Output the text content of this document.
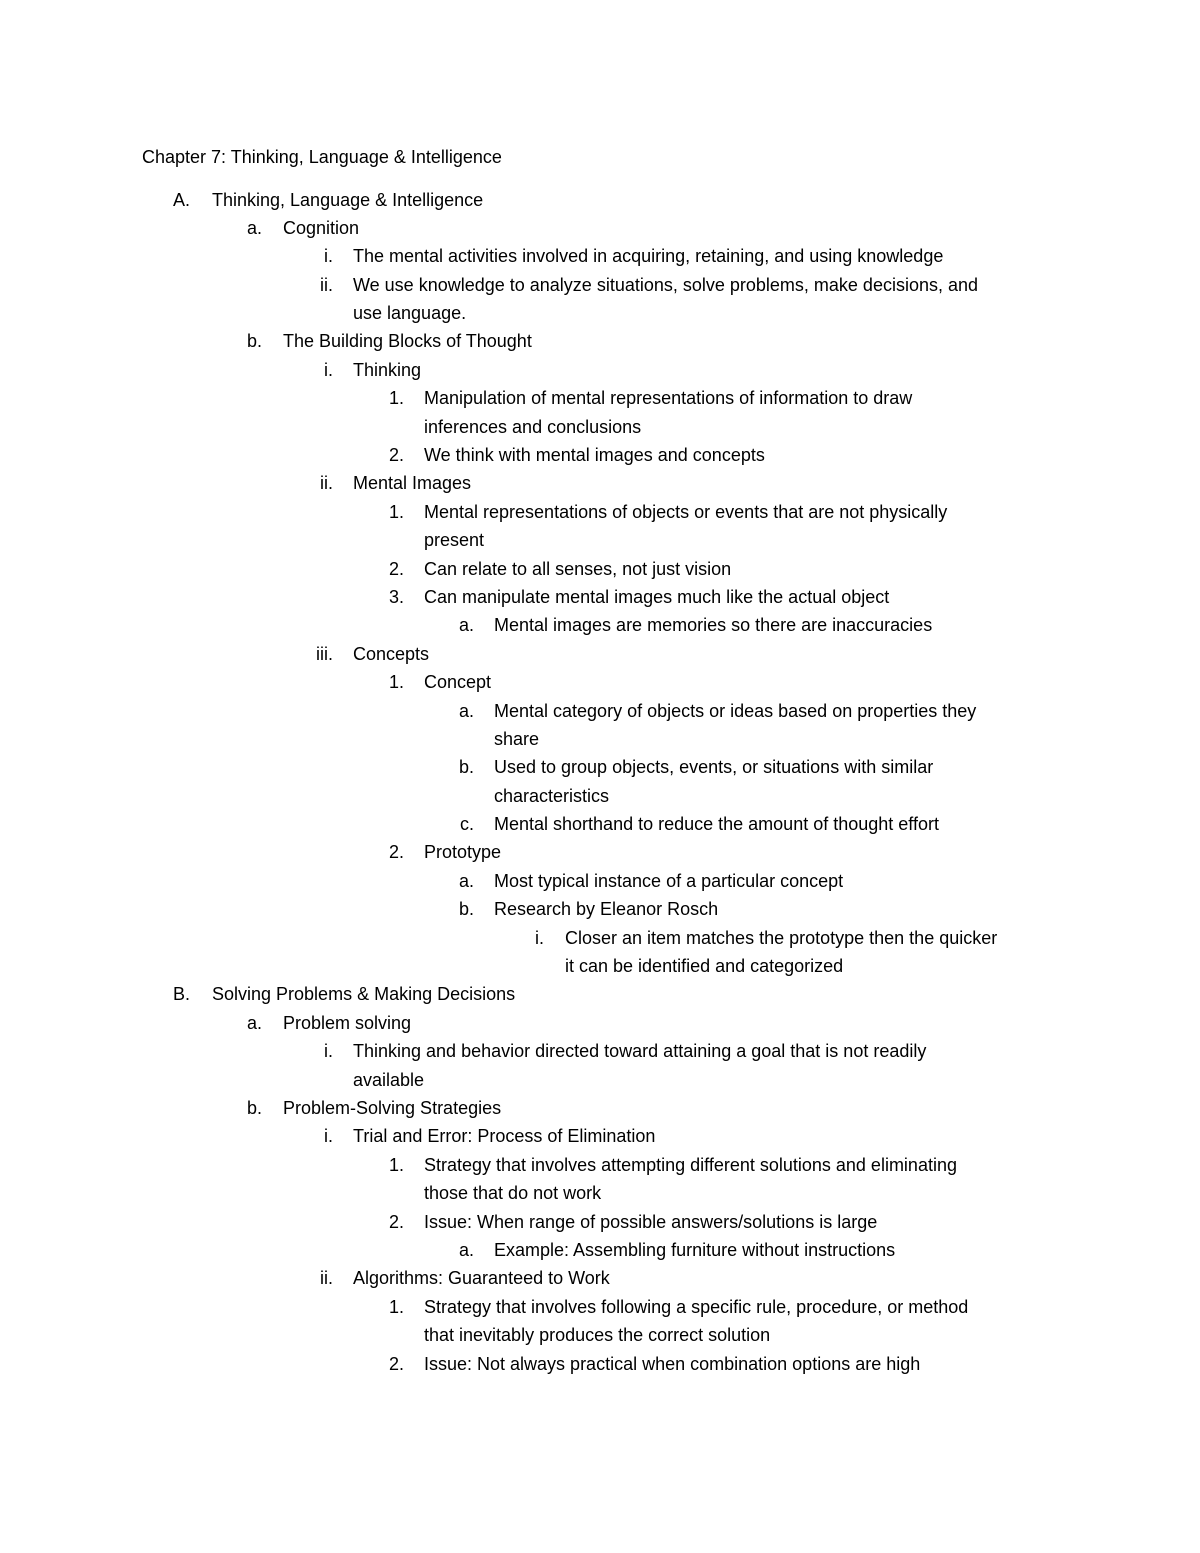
Chapter 7: Thinking, Language & Intelligence
A. Thinking, Language & Intelligence
a. Cognition
i. The mental activities involved in acquiring, retaining, and using knowledge
ii. We use knowledge to analyze situations, solve problems, make decisions, and
use language.
b. The Building Blocks of Thought
i. Thinking
1. Manipulation of mental representations of information to draw
inferences and conclusions
2. We think with mental images and concepts
ii. Mental Images
1. Mental representations of objects or events that are not physically
present
2. Can relate to all senses, not just vision
3. Can manipulate mental images much like the actual object
a. Mental images are memories so there are inaccuracies
iii. Concepts
1. Concept
a. Mental category of objects or ideas based on properties they
share
b. Used to group objects, events, or situations with similar
characteristics
c. Mental shorthand to reduce the amount of thought effort
2. Prototype
a. Most typical instance of a particular concept
b. Research by Eleanor Rosch
i. Closer an item matches the prototype then the quicker
it can be identified and categorized
B. Solving Problems & Making Decisions
a. Problem solving
i. Thinking and behavior directed toward attaining a goal that is not readily
available
b. Problem-Solving Strategies
i. Trial and Error: Process of Elimination
1. Strategy that involves attempting different solutions and eliminating
those that do not work
2. Issue: When range of possible answers/solutions is large
a. Example: Assembling furniture without instructions
ii. Algorithms: Guaranteed to Work
1. Strategy that involves following a specific rule, procedure, or method
that inevitably produces the correct solution
2. Issue: Not always practical when combination options are high
